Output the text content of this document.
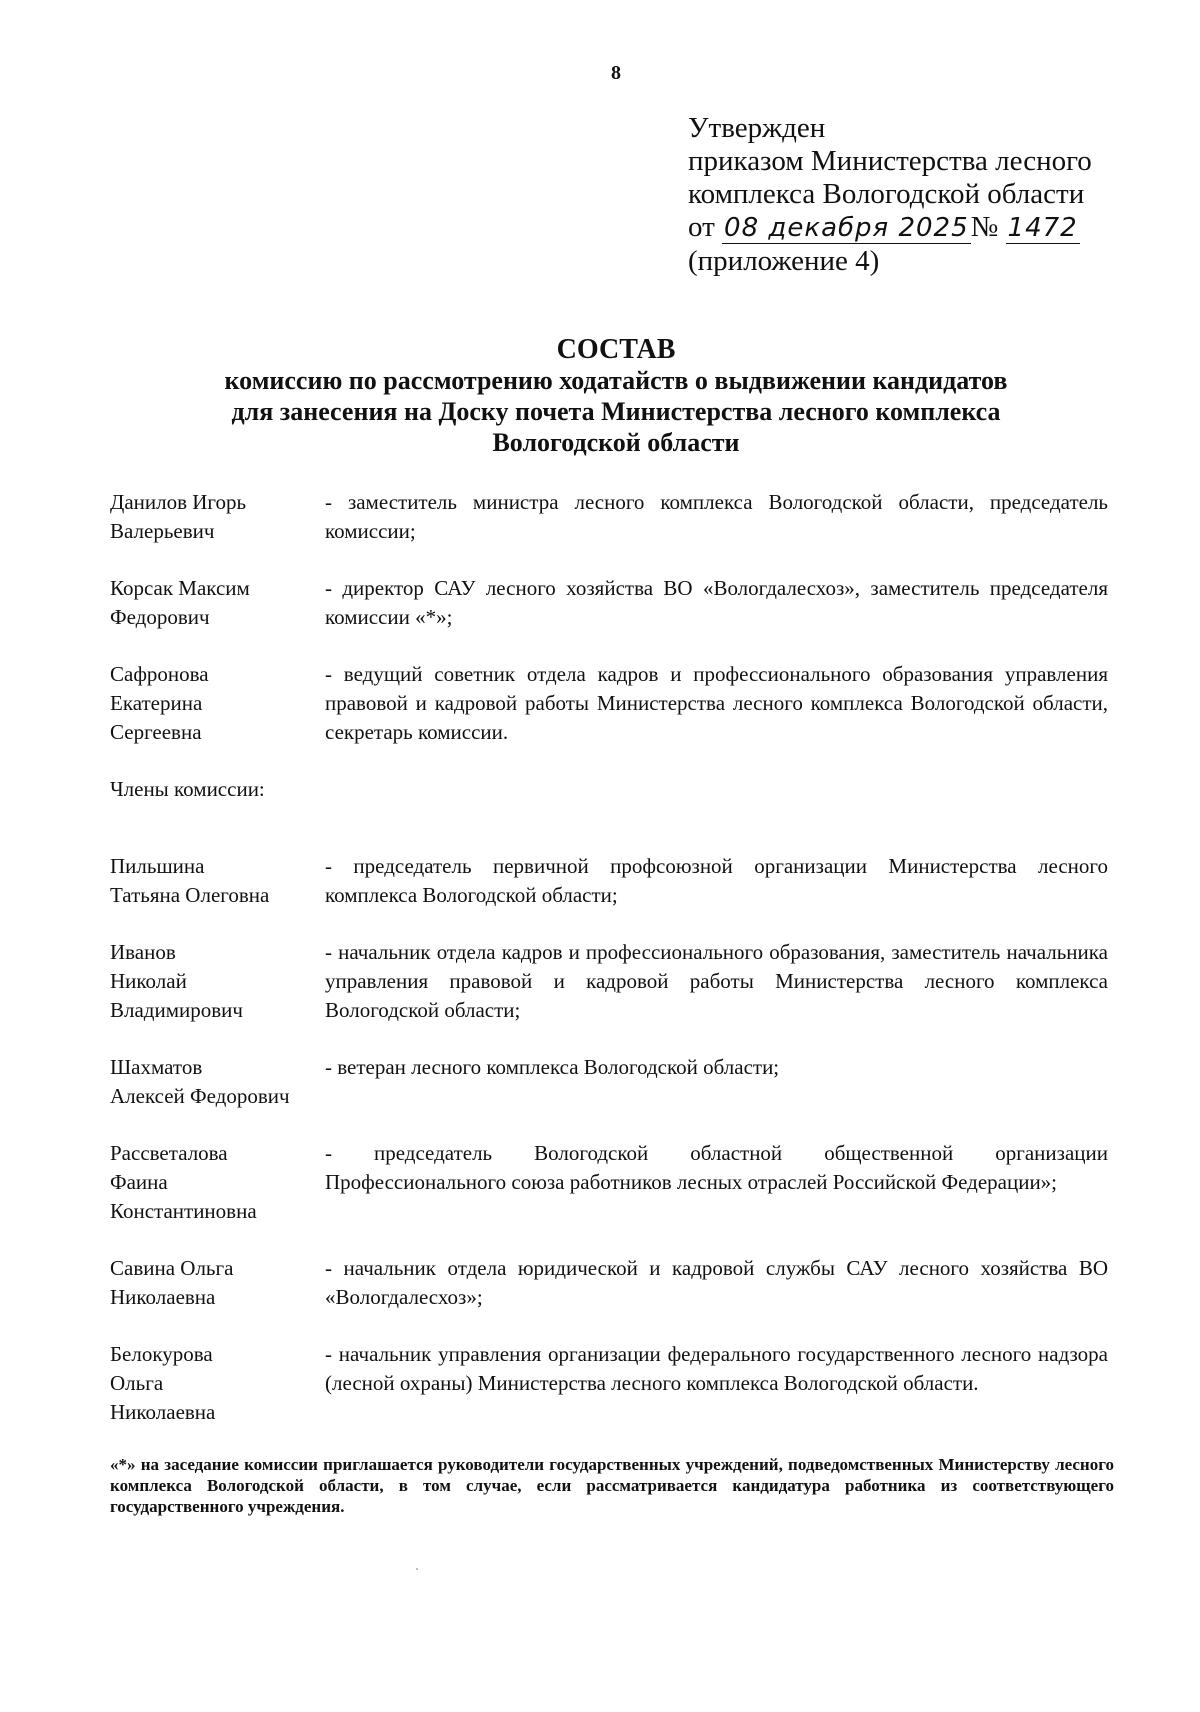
8
Утвержден
приказом Министерства лесного
комплекса Вологодской области
от 08 декабря 2025№ 1472
(приложение 4)
СОСТАВ
комиссию по рассмотрению ходатайств о выдвижении кандидатов
для занесения на Доску почета Министерства лесного комплекса
Вологодской области
Данилов Игорь
Валерьевич
- заместитель министра лесного комплекса Вологодской области, председатель комиссии;
Корсак Максим
Федорович
- директор САУ лесного хозяйства ВО «Вологдалесхоз», заместитель председателя комиссии «*»;
Сафронова
Екатерина
Сергеевна
- ведущий советник отдела кадров и профессионального образования управления правовой и кадровой работы Министерства лесного комплекса Вологодской области, секретарь комиссии.
Члены комиссии:
Пильшина
Татьяна Олеговна
- председатель первичной профсоюзной организации Министерства лесного комплекса Вологодской области;
Иванов
Николай
Владимирович
- начальник отдела кадров и профессионального образования, заместитель начальника управления правовой и кадровой работы Министерства лесного комплекса Вологодской области;
Шахматов
Алексей Федорович
- ветеран лесного комплекса Вологодской области;
Рассветалова
Фаина
Константиновна
- председатель Вологодской областной общественной организации Профессионального союза работников лесных отраслей Российской Федерации»;
Савина Ольга
Николаевна
- начальник отдела юридической и кадровой службы САУ лесного хозяйства ВО «Вологдалесхоз»;
Белокурова
Ольга
Николаевна
- начальник управления организации федерального государственного лесного надзора (лесной охраны) Министерства лесного комплекса Вологодской области.
«*» на заседание комиссии приглашается руководители государственных учреждений, подведомственных Министерству лесного комплекса Вологодской области, в том случае, если рассматривается кандидатура работника из соответствующего государственного учреждения.
